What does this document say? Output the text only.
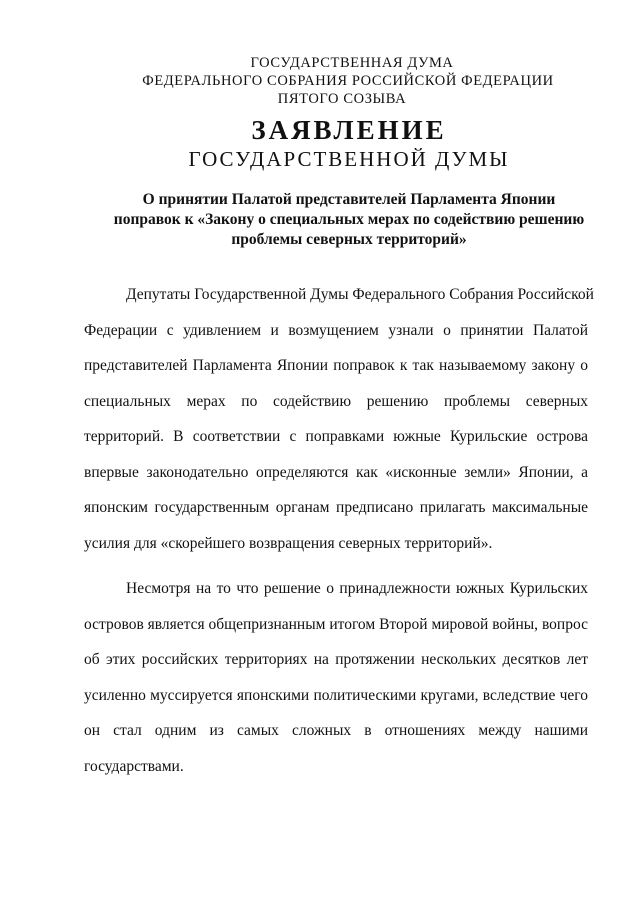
ГОСУДАРСТВЕННАЯ ДУМА
ФЕДЕРАЛЬНОГО СОБРАНИЯ РОССИЙСКОЙ ФЕДЕРАЦИИ
ПЯТОГО СОЗЫВА
ЗАЯВЛЕНИЕ
ГОСУДАРСТВЕННОЙ ДУМЫ
О принятии Палатой представителей Парламента Японии
поправок к «Закону о специальных мерах по содействию решению
проблемы северных территорий»
Депутаты Государственной Думы Федерального Собрания Российской
Федерации с удивлением и возмущением узнали о принятии Палатой
представителей Парламента Японии поправок к так называемому закону о
специальных мерах по содействию решению проблемы северных
территорий. В соответствии с поправками южные Курильские острова
впервые законодательно определяются как «исконные земли» Японии, а
японским государственным органам предписано прилагать максимальные
усилия для «скорейшего возвращения северных территорий».
Несмотря на то что решение о принадлежности южных Курильских
островов является общепризнанным итогом Второй мировой войны, вопрос
об этих российских территориях на протяжении нескольких десятков лет
усиленно муссируется японскими политическими кругами, вследствие чего
он стал одним из самых сложных в отношениях между нашими
государствами.
